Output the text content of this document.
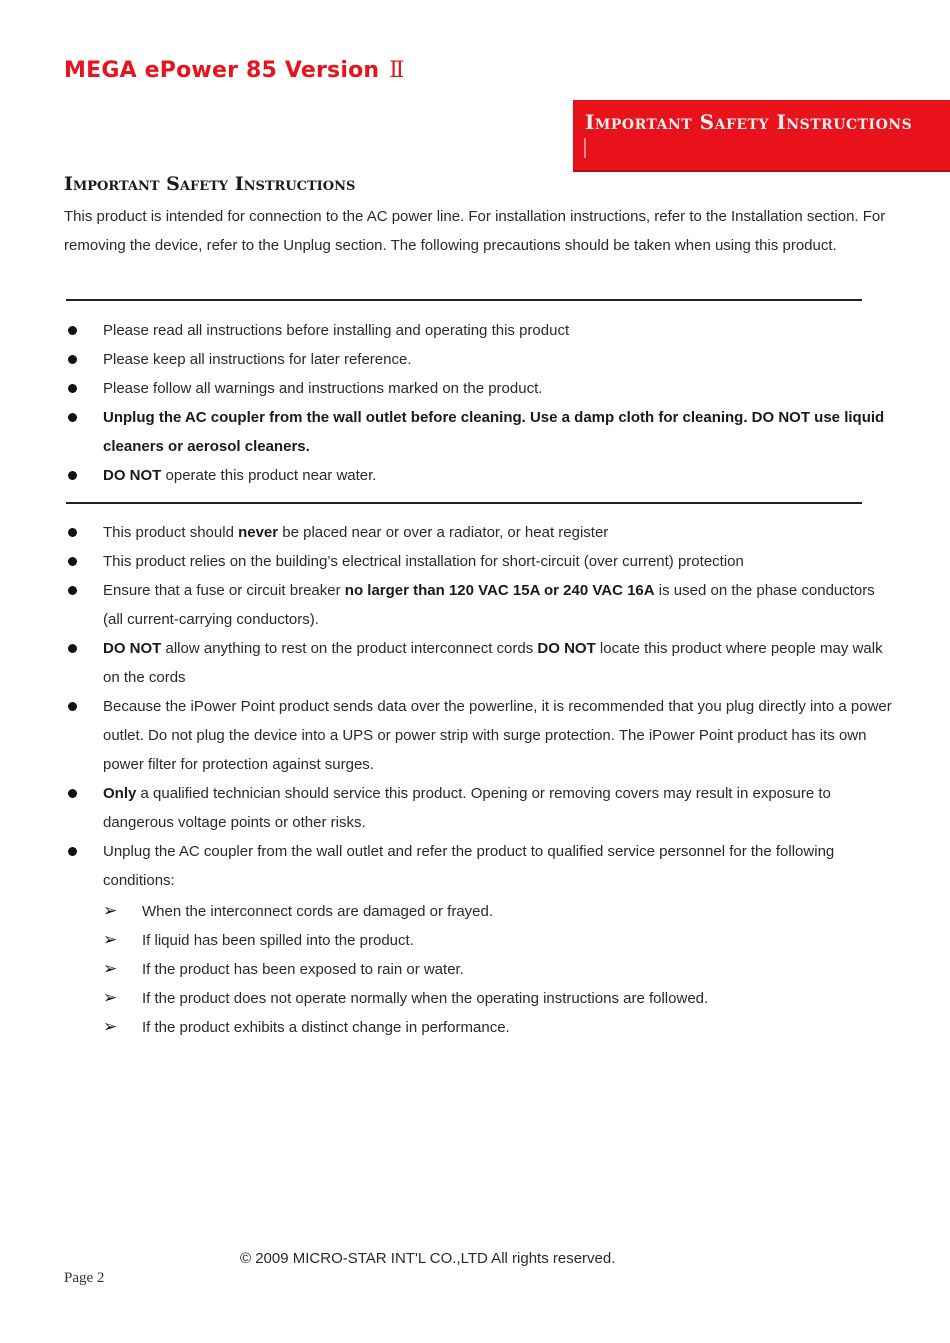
MEGA ePower 85 Version Ⅱ
Important Safety Instructions
Important Safety Instructions
This product is intended for connection to the AC power line. For installation instructions, refer to the Installation section. For removing the device, refer to the Unplug section. The following precautions should be taken when using this product.
Please read all instructions before installing and operating this product
Please keep all instructions for later reference.
Please follow all warnings and instructions marked on the product.
Unplug the AC coupler from the wall outlet before cleaning. Use a damp cloth for cleaning. DO NOT use liquid cleaners or aerosol cleaners.
DO NOT operate this product near water.
This product should never be placed near or over a radiator, or heat register
This product relies on the building’s electrical installation for short-circuit (over current) protection
Ensure that a fuse or circuit breaker no larger than 120 VAC 15A or 240 VAC 16A is used on the phase conductors (all current-carrying conductors).
DO NOT allow anything to rest on the product interconnect cords DO NOT locate this product where people may walk on the cords
Because the iPower Point product sends data over the powerline, it is recommended that you plug directly into a power outlet. Do not plug the device into a UPS or power strip with surge protection. The iPower Point product has its own power filter for protection against surges.
Only a qualified technician should service this product. Opening or removing covers may result in exposure to dangerous voltage points or other risks.
Unplug the AC coupler from the wall outlet and refer the product to qualified service personnel for the following conditions:
➢ When the interconnect cords are damaged or frayed.
➢ If liquid has been spilled into the product.
➢ If the product has been exposed to rain or water.
➢ If the product does not operate normally when the operating instructions are followed.
➢ If the product exhibits a distinct change in performance.
© 2009 MICRO-STAR INT'L CO.,LTD All rights reserved.
Page 2
